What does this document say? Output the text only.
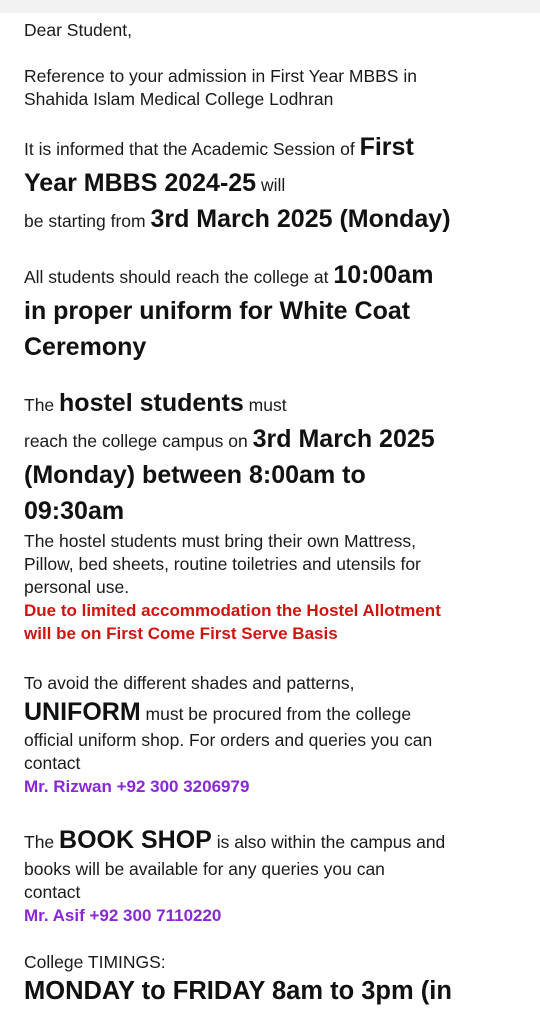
Dear Student,

Reference to your admission in First Year MBBS in

Shahida Islam Medical College Lodhran

It is informed that the Academic Session of First
Year MBBS 2024-25 will
be starting from 3rd March 2025 (Monday)

All students should reach the college at 10:00am
in proper uniform for White Coat
Ceremony

The hostel students must
reach the college campus on 3rd March 2025
(Monday) between 8:00am to
09:30am

The hostel students must bring their own Mattress,

Pillow, bed sheets, routine toiletries and utensils for

personal use.

Due to limited accommodation the Hostel Allotment

will be on First Come First Serve Basis

To avoid the different shades and patterns,

UNIFORM must be procured from the college

official uniform shop. For orders and queries you can

contact

Mr. Rizwan +92 300 3206979

The BOOK SHOP is also within the campus and

books will be available for any queries you can

contact

Mr. Asif +92 300 7110220

College TIMINGS:

MONDAY to FRIDAY 8am to 3pm (in
